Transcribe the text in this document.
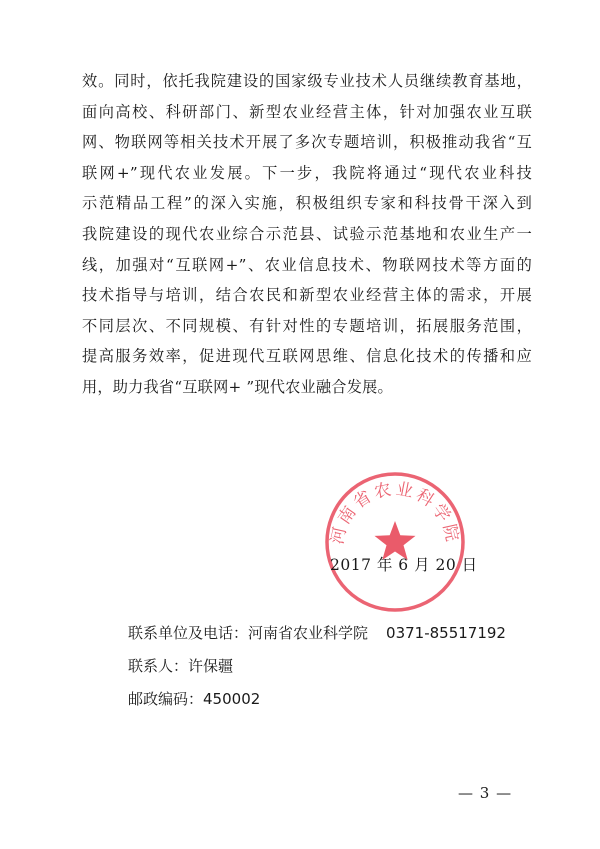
效。同时，依托我院建设的国家级专业技术人员继续教育基地，
面向高校、科研部门、新型农业经营主体，针对加强农业互联
网、物联网等相关技术开展了多次专题培训，积极推动我省“互
联网+”现代农业发展。下一步，我院将通过“现代农业科技
示范精品工程”的深入实施，积极组织专家和科技骨干深入到
我院建设的现代农业综合示范县、试验示范基地和农业生产一
线，加强对“互联网+”、农业信息技术、物联网技术等方面的
技术指导与培训，结合农民和新型农业经营主体的需求，开展
不同层次、不同规模、有针对性的专题培训，拓展服务范围，
提高服务效率，促进现代互联网思维、信息化技术的传播和应
用，助力我省“互联网+ ”现代农业融合发展。
河南省农业科学院
2017 年 6 月 20 日
联系单位及电话：河南省农业科学院 0371-85517192
联系人：许保疆
邮政编码：450002
— 3 —
